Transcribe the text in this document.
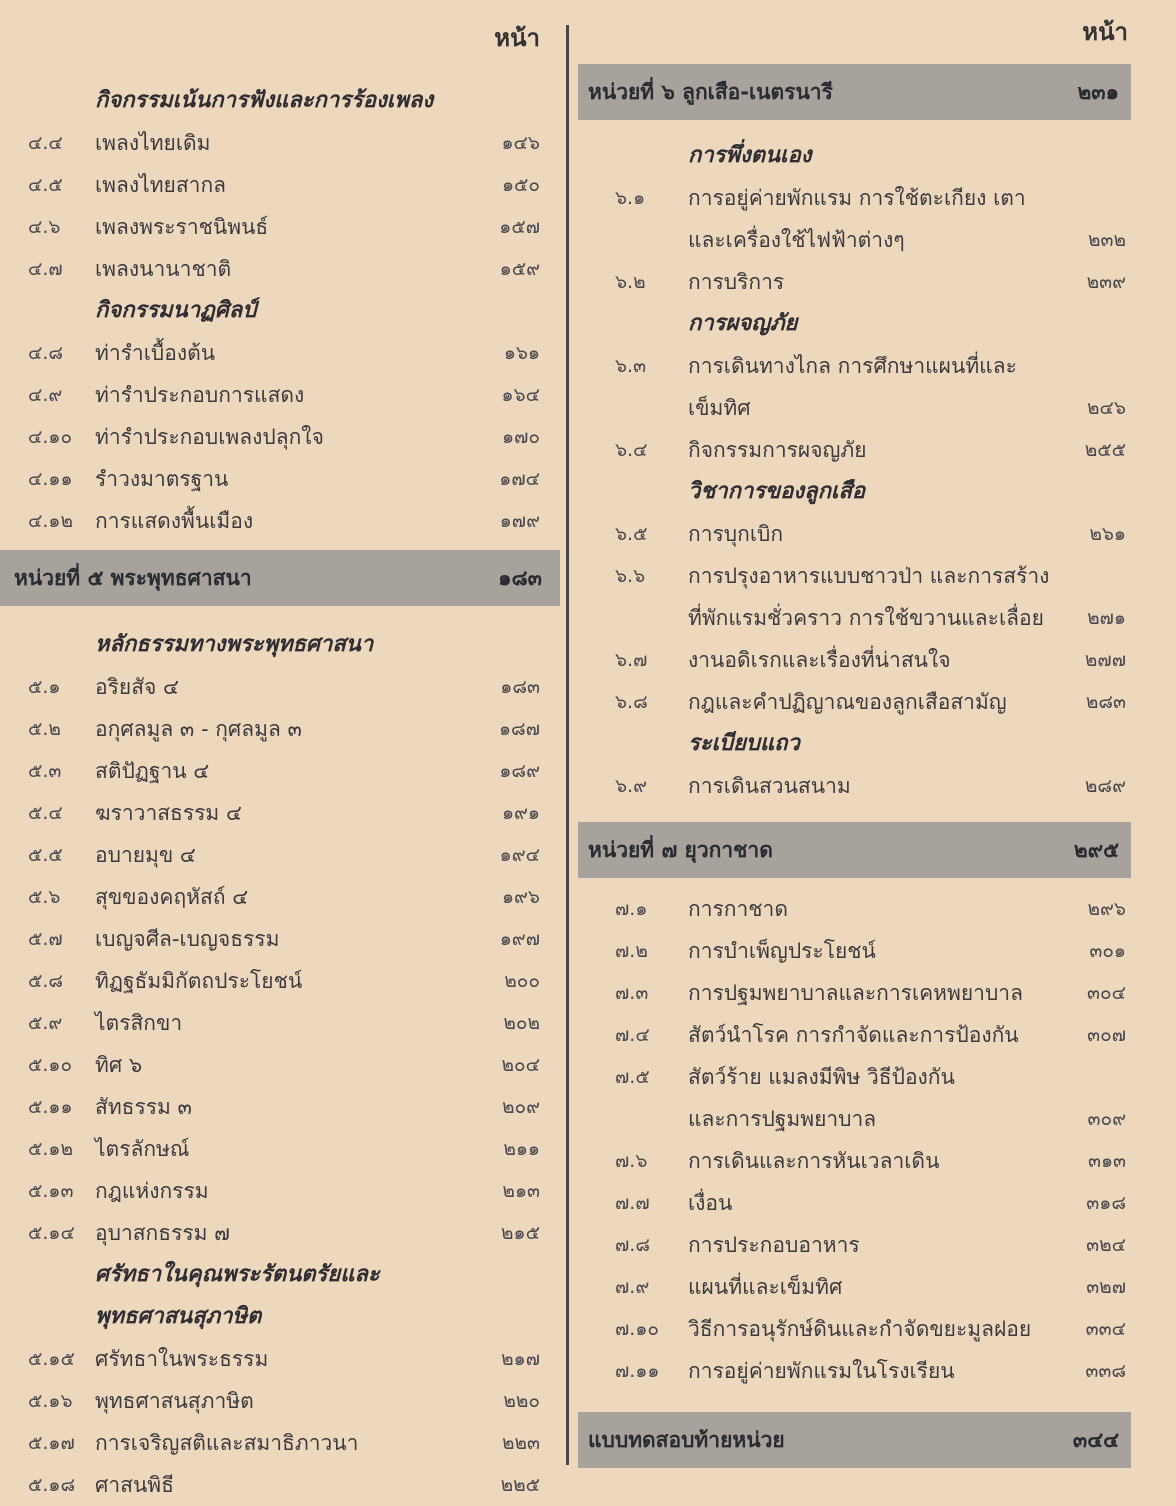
หน้า
กิจกรรมเน้นการฟังและการร้องเพลง
๔.๔ เพลงไทยเดิม	๑๔๖
๔.๕ เพลงไทยสากล	๑๕๐
๔.๖ เพลงพระราชนิพนธ์	๑๕๗
๔.๗ เพลงนานาชาติ	๑๕๙
กิจกรรมนาฏศิลป์
๔.๘ ท่ารำเบื้องต้น	๑๖๑
๔.๙ ท่ารำประกอบการแสดง	๑๖๔
๔.๑๐ ท่ารำประกอบเพลงปลุกใจ	๑๗๐
๔.๑๑ รำวงมาตรฐาน	๑๗๔
๔.๑๒ การแสดงพื้นเมือง	๑๗๙
หน่วยที่ ๕ พระพุทธศาสนา	๑๘๓
หลักธรรมทางพระพุทธศาสนา
๕.๑ อริยสัจ ๔	๑๘๓
๕.๒ อกุศลมูล ๓ - กุศลมูล ๓	๑๘๗
๕.๓ สติปัฏฐาน ๔	๑๘๙
๕.๔ ฆราวาสธรรม ๔	๑๙๑
๕.๕ อบายมุข ๔	๑๙๔
๕.๖ สุขของคฤหัสถ์ ๔	๑๙๖
๕.๗ เบญจศีล-เบญจธรรม	๑๙๗
๕.๘ ทิฏฐธัมมิกัตถประโยชน์	๒๐๐
๕.๙ ไตรสิกขา	๒๐๒
๕.๑๐ ทิศ ๖	๒๐๔
๕.๑๑ สัทธรรม ๓	๒๐๙
๕.๑๒ ไตรลักษณ์	๒๑๑
๕.๑๓ กฎแห่งกรรม	๒๑๓
๕.๑๔ อุบาสกธรรม ๗	๒๑๕
ศรัทธาในคุณพระรัตนตรัยและ
พุทธศาสนสุภาษิต
๕.๑๕ ศรัทธาในพระธรรม	๒๑๗
๕.๑๖ พุทธศาสนสุภาษิต	๒๒๐
๕.๑๗ การเจริญสติและสมาธิภาวนา	๒๒๓
๕.๑๘ ศาสนพิธี	๒๒๕
หน้า
หน่วยที่ ๖ ลูกเสือ-เนตรนารี	๒๓๑
การพึ่งตนเอง
๖.๑ การอยู่ค่ายพักแรม การใช้ตะเกียง เตา
และเครื่องใช้ไฟฟ้าต่างๆ	๒๓๒
๖.๒ การบริการ	๒๓๙
การผจญภัย
๖.๓ การเดินทางไกล การศึกษาแผนที่และ
เข็มทิศ	๒๔๖
๖.๔ กิจกรรมการผจญภัย	๒๕๕
วิชาการของลูกเสือ
๖.๕ การบุกเบิก	๒๖๑
๖.๖ การปรุงอาหารแบบชาวป่า และการสร้าง
ที่พักแรมชั่วคราว การใช้ขวานและเลื่อย ๒๗๑
๖.๗ งานอดิเรกและเรื่องที่น่าสนใจ	๒๗๗
๖.๘ กฎและคำปฏิญาณของลูกเสือสามัญ	๒๘๓
ระเบียบแถว
๖.๙ การเดินสวนสนาม	๒๘๙
หน่วยที่ ๗ ยุวกาชาด	๒๙๕
๗.๑ การกาชาด	๒๙๖
๗.๒ การบำเพ็ญประโยชน์	๓๐๑
๗.๓ การปฐมพยาบาลและการเคหพยาบาล	๓๐๔
๗.๔ สัตว์นำโรค การกำจัดและการป้องกัน	๓๐๗
๗.๕ สัตว์ร้าย แมลงมีพิษ วิธีป้องกัน
และการปฐมพยาบาล	๓๐๙
๗.๖ การเดินและการหันเวลาเดิน	๓๑๓
๗.๗ เงื่อน	๓๑๘
๗.๘ การประกอบอาหาร	๓๒๔
๗.๙ แผนที่และเข็มทิศ	๓๒๗
๗.๑๐ วิธีการอนุรักษ์ดินและกำจัดขยะมูลฝอย	๓๓๔
๗.๑๑ การอยู่ค่ายพักแรมในโรงเรียน	๓๓๘
แบบทดสอบท้ายหน่วย	๓๔๔
